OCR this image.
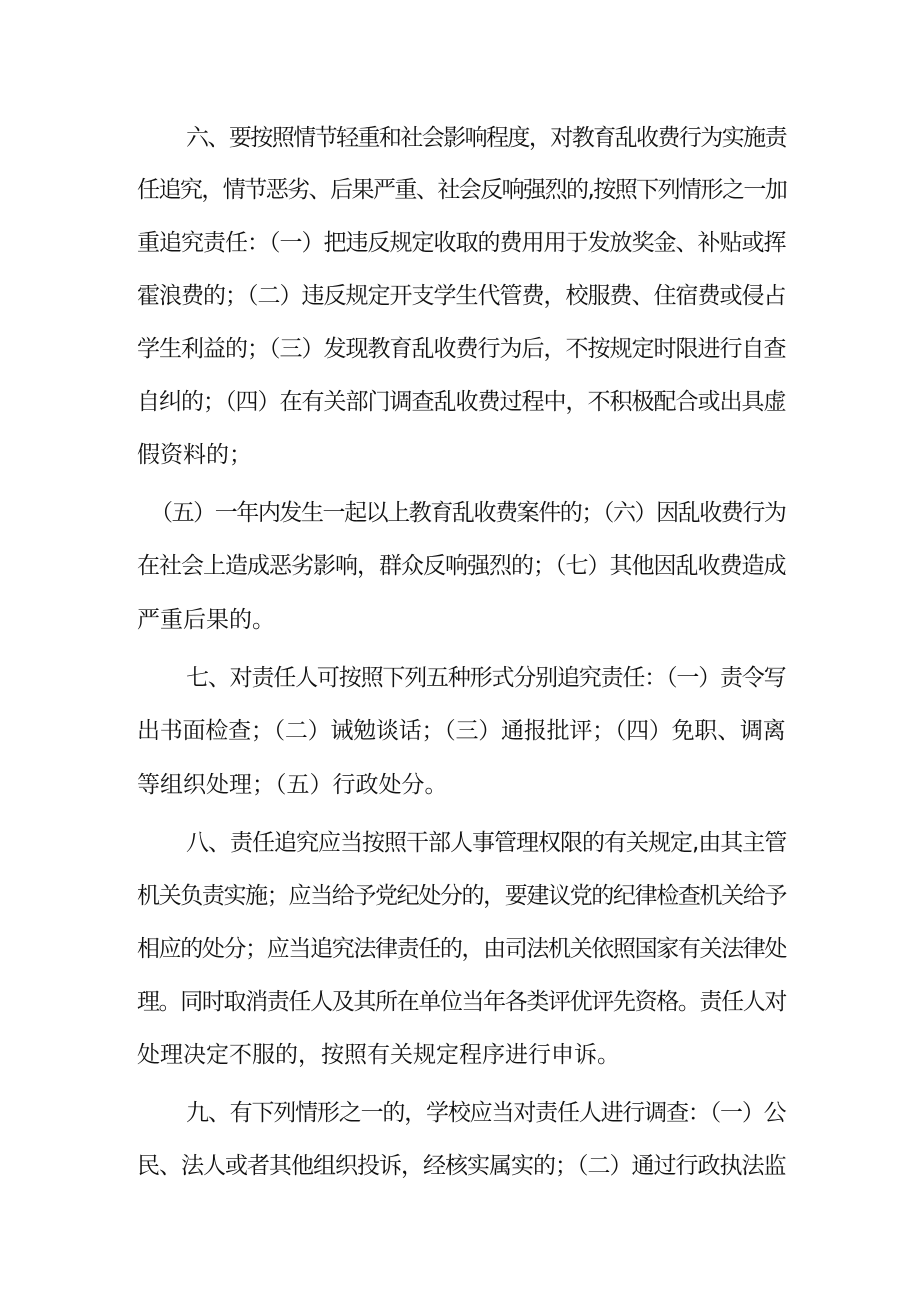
六、要按照情节轻重和社会影响程度，对教育乱收费行为实施责
任追究，情节恶劣、后果严重、社会反响强烈的,按照下列情形之一加
重追究责任：（一）把违反规定收取的费用用于发放奖金、补贴或挥
霍浪费的；（二）违反规定开支学生代管费，校服费、住宿费或侵占
学生利益的；（三）发现教育乱收费行为后，不按规定时限进行自查
自纠的；（四）在有关部门调查乱收费过程中，不积极配合或出具虚
假资料的；
（五）一年内发生一起以上教育乱收费案件的；（六）因乱收费行为
在社会上造成恶劣影响，群众反响强烈的；（七）其他因乱收费造成
严重后果的。
七、对责任人可按照下列五种形式分别追究责任：（一）责令写
出书面检查；（二）诫勉谈话；（三）通报批评；（四）免职、调离
等组织处理；（五）行政处分。
八、责任追究应当按照干部人事管理权限的有关规定,由其主管
机关负责实施；应当给予党纪处分的，要建议党的纪律检查机关给予
相应的处分；应当追究法律责任的，由司法机关依照国家有关法律处
理。同时取消责任人及其所在单位当年各类评优评先资格。责任人对
处理决定不服的，按照有关规定程序进行申诉。
九、有下列情形之一的，学校应当对责任人进行调查：（一）公
民、法人或者其他组织投诉，经核实属实的；（二）通过行政执法监
